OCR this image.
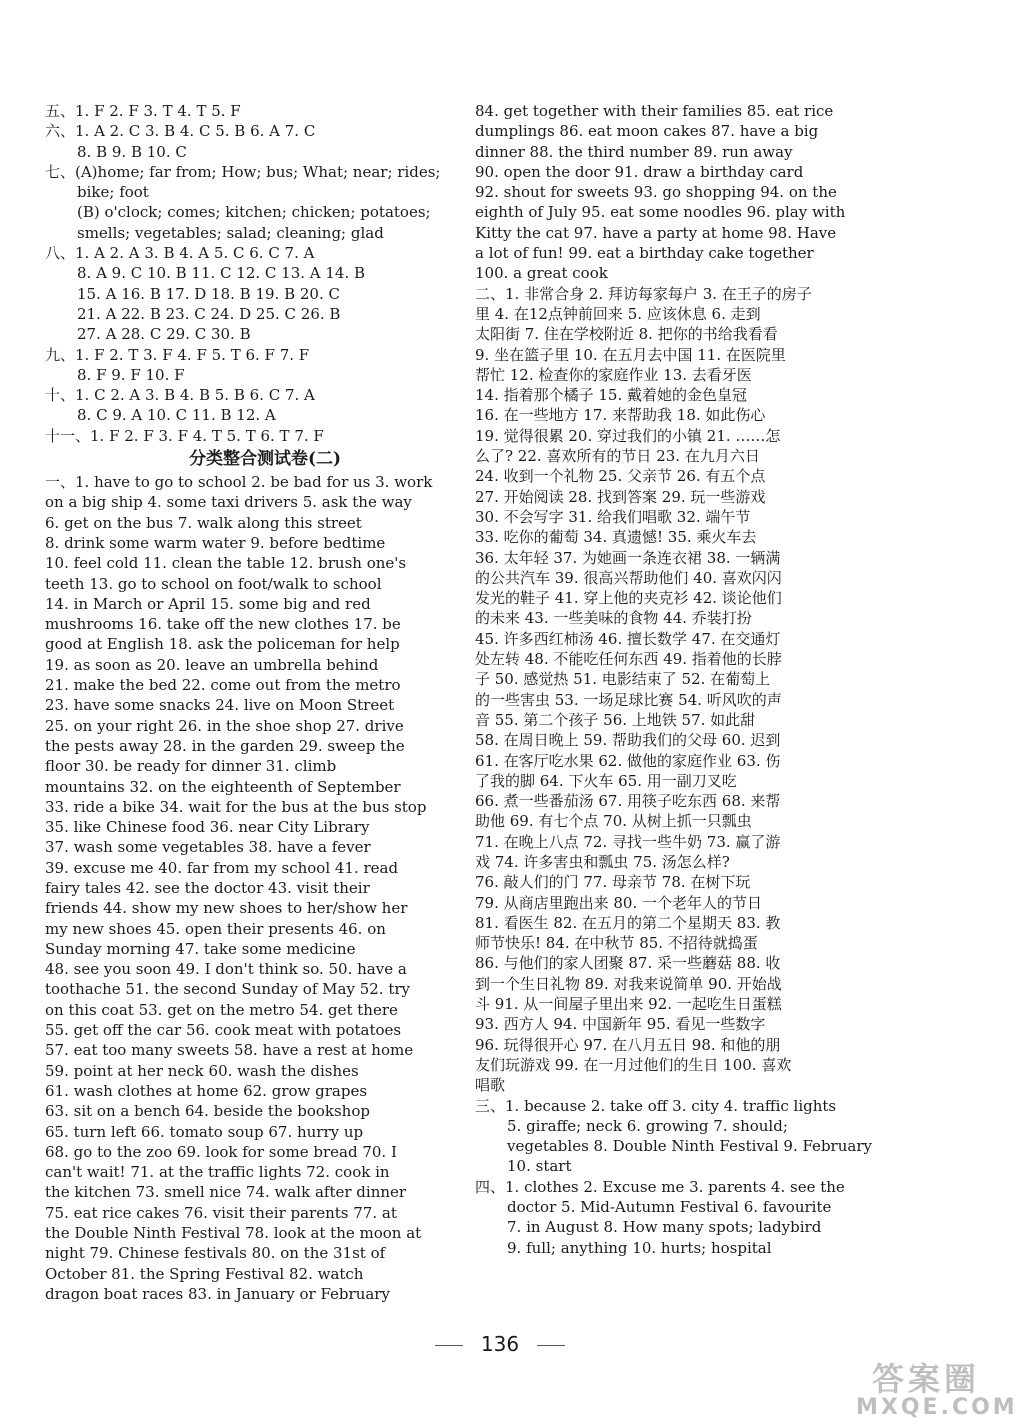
五、1. F 2. F 3. T 4. T 5. F
六、1. A 2. C 3. B 4. C 5. B 6. A 7. C
8. B 9. B 10. C
七、(A)home; far from; How; bus; What; near; rides;
bike; foot
(B) o'clock; comes; kitchen; chicken; potatoes;
smells; vegetables; salad; cleaning; glad
八、1. A 2. A 3. B 4. A 5. C 6. C 7. A
8. A 9. C 10. B 11. C 12. C 13. A 14. B
15. A 16. B 17. D 18. B 19. B 20. C
21. A 22. B 23. C 24. D 25. C 26. B
27. A 28. C 29. C 30. B
九、1. F 2. T 3. F 4. F 5. T 6. F 7. F
8. F 9. F 10. F
十、1. C 2. A 3. B 4. B 5. B 6. C 7. A
8. C 9. A 10. C 11. B 12. A
十一、1. F 2. F 3. F 4. T 5. T 6. T 7. F
分类整合测试卷(二)
一、1. have to go to school 2. be bad for us 3. work
on a big ship 4. some taxi drivers 5. ask the way
6. get on the bus 7. walk along this street
8. drink some warm water 9. before bedtime
10. feel cold 11. clean the table 12. brush one's
teeth 13. go to school on foot/walk to school
14. in March or April 15. some big and red
mushrooms 16. take off the new clothes 17. be
good at English 18. ask the policeman for help
19. as soon as 20. leave an umbrella behind
21. make the bed 22. come out from the metro
23. have some snacks 24. live on Moon Street
25. on your right 26. in the shoe shop 27. drive
the pests away 28. in the garden 29. sweep the
floor 30. be ready for dinner 31. climb
mountains 32. on the eighteenth of September
33. ride a bike 34. wait for the bus at the bus stop
35. like Chinese food 36. near City Library
37. wash some vegetables 38. have a fever
39. excuse me 40. far from my school 41. read
fairy tales 42. see the doctor 43. visit their
friends 44. show my new shoes to her/show her
my new shoes 45. open their presents 46. on
Sunday morning 47. take some medicine
48. see you soon 49. I don't think so. 50. have a
toothache 51. the second Sunday of May 52. try
on this coat 53. get on the metro 54. get there
55. get off the car 56. cook meat with potatoes
57. eat too many sweets 58. have a rest at home
59. point at her neck 60. wash the dishes
61. wash clothes at home 62. grow grapes
63. sit on a bench 64. beside the bookshop
65. turn left 66. tomato soup 67. hurry up
68. go to the zoo 69. look for some bread 70. I
can't wait! 71. at the traffic lights 72. cook in
the kitchen 73. smell nice 74. walk after dinner
75. eat rice cakes 76. visit their parents 77. at
the Double Ninth Festival 78. look at the moon at
night 79. Chinese festivals 80. on the 31st of
October 81. the Spring Festival 82. watch
dragon boat races 83. in January or February
84. get together with their families 85. eat rice
dumplings 86. eat moon cakes 87. have a big
dinner 88. the third number 89. run away
90. open the door 91. draw a birthday card
92. shout for sweets 93. go shopping 94. on the
eighth of July 95. eat some noodles 96. play with
Kitty the cat 97. have a party at home 98. Have
a lot of fun! 99. eat a birthday cake together
100. a great cook
二、1. 非常合身 2. 拜访每家每户 3. 在王子的房子
里 4. 在12点钟前回来 5. 应该休息 6. 走到
太阳街 7. 住在学校附近 8. 把你的书给我看看
9. 坐在篮子里 10. 在五月去中国 11. 在医院里
帮忙 12. 检查你的家庭作业 13. 去看牙医
14. 指着那个橘子 15. 戴着她的金色皇冠
16. 在一些地方 17. 来帮助我 18. 如此伤心
19. 觉得很累 20. 穿过我们的小镇 21. ……怎
么了? 22. 喜欢所有的节日 23. 在九月六日
24. 收到一个礼物 25. 父亲节 26. 有五个点
27. 开始阅读 28. 找到答案 29. 玩一些游戏
30. 不会写字 31. 给我们唱歌 32. 端午节
33. 吃你的葡萄 34. 真遗憾! 35. 乘火车去
36. 太年轻 37. 为她画一条连衣裙 38. 一辆满
的公共汽车 39. 很高兴帮助他们 40. 喜欢闪闪
发光的鞋子 41. 穿上他的夹克衫 42. 谈论他们
的未来 43. 一些美味的食物 44. 乔装打扮
45. 许多西红柿汤 46. 擅长数学 47. 在交通灯
处左转 48. 不能吃任何东西 49. 指着他的长脖
子 50. 感觉热 51. 电影结束了 52. 在葡萄上
的一些害虫 53. 一场足球比赛 54. 听风吹的声
音 55. 第二个孩子 56. 上地铁 57. 如此甜
58. 在周日晚上 59. 帮助我们的父母 60. 迟到
61. 在客厅吃水果 62. 做他的家庭作业 63. 伤
了我的脚 64. 下火车 65. 用一副刀叉吃
66. 煮一些番茄汤 67. 用筷子吃东西 68. 来帮
助他 69. 有七个点 70. 从树上抓一只瓢虫
71. 在晚上八点 72. 寻找一些牛奶 73. 赢了游
戏 74. 许多害虫和瓢虫 75. 汤怎么样?
76. 敲人们的门 77. 母亲节 78. 在树下玩
79. 从商店里跑出来 80. 一个老年人的节日
81. 看医生 82. 在五月的第二个星期天 83. 教
师节快乐! 84. 在中秋节 85. 不招待就捣蛋
86. 与他们的家人团聚 87. 采一些蘑菇 88. 收
到一个生日礼物 89. 对我来说简单 90. 开始战
斗 91. 从一间屋子里出来 92. 一起吃生日蛋糕
93. 西方人 94. 中国新年 95. 看见一些数字
96. 玩得很开心 97. 在八月五日 98. 和他的朋
友们玩游戏 99. 在一月过他们的生日 100. 喜欢
唱歌
三、1. because 2. take off 3. city 4. traffic lights
5. giraffe; neck 6. growing 7. should;
vegetables 8. Double Ninth Festival 9. February
10. start
四、1. clothes 2. Excuse me 3. parents 4. see the
doctor 5. Mid-Autumn Festival 6. favourite
7. in August 8. How many spots; ladybird
9. full; anything 10. hurts; hospital
136
答案圈
MXQE.COM
